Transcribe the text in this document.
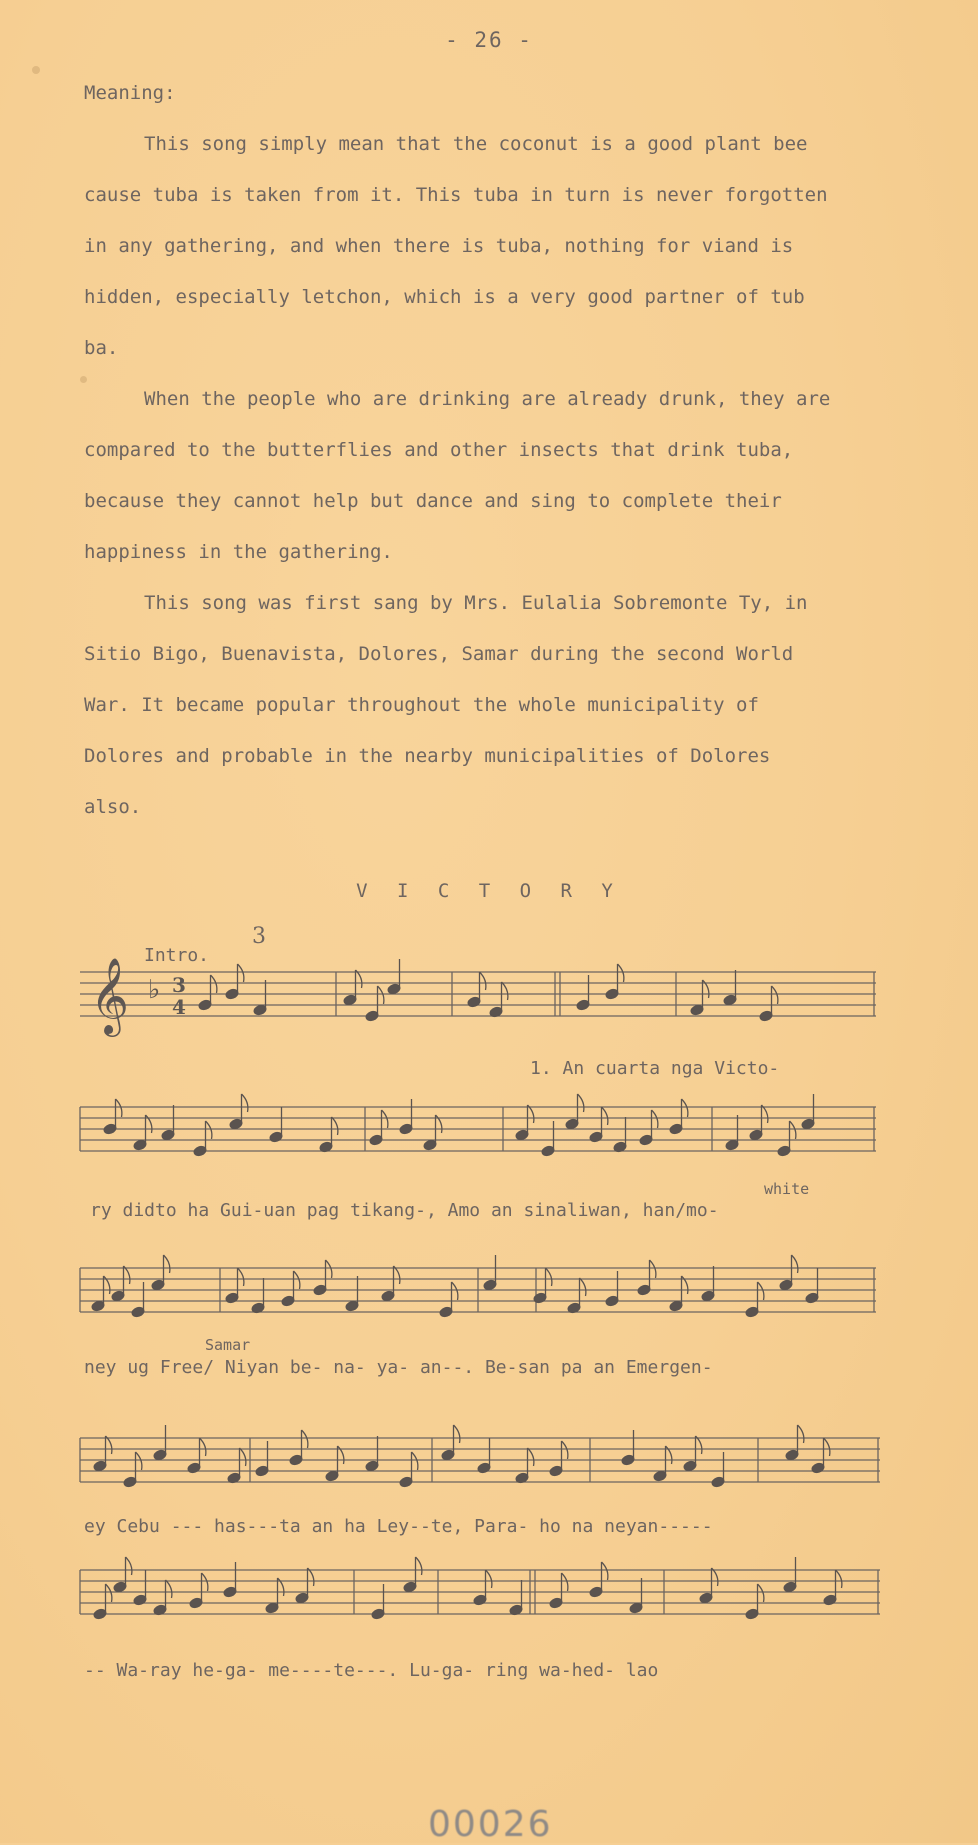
- 26 -
Meaning:
This song simply mean that the coconut is a good plant bee
cause tuba is taken from it. This tuba in turn is never forgotten
in any gathering, and when there is tuba, nothing for viand is
hidden, especially letchon, which is a very good partner of tub
ba.
When the people who are drinking are already drunk, they are
compared to the butterflies and other insects that drink tuba,
because they cannot help but dance and sing to complete their
happiness in the gathering.
This song was first sang by Mrs. Eulalia Sobremonte Ty, in
Sitio Bigo, Buenavista, Dolores, Samar during the second World
War. It became popular throughout the whole municipality of
Dolores and probable in the nearby municipalities of Dolores
also.
V I C T O R Y
Intro.
3
𝄞 ♭ 3
4
1. An cuarta nga Victo-
white
ry didto ha Gui-uan pag tikang-, Amo an sinaliwan, han/mo-
Samar
ney ug Free/ Niyan be- na- ya- an--. Be-san pa an Emergen-
ey Cebu --- has---ta an ha Ley--te, Para- ho na neyan-----
-- Wa-ray he-ga- me----te---. Lu-ga- ring wa-hed- lao
00026
